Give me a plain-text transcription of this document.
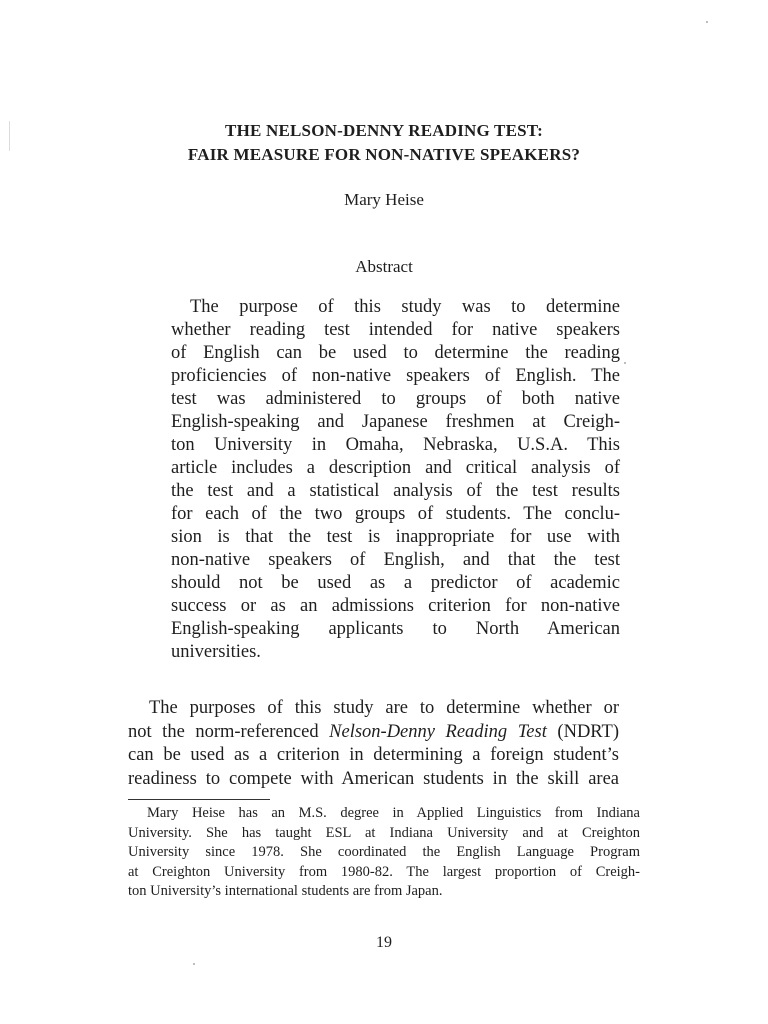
THE NELSON-DENNY READING TEST:
FAIR MEASURE FOR NON-NATIVE SPEAKERS?
Mary Heise
Abstract
The purpose of this study was to determine
whether reading test intended for native speakers
of English can be used to determine the reading
proficiencies of non-native speakers of English. The
test was administered to groups of both native
English-speaking and Japanese freshmen at Creigh-
ton University in Omaha, Nebraska, U.S.A. This
article includes a description and critical analysis of
the test and a statistical analysis of the test results
for each of the two groups of students. The conclu-
sion is that the test is inappropriate for use with
non-native speakers of English, and that the test
should not be used as a predictor of academic
success or as an admissions criterion for non-native
English-speaking applicants to North American
universities.
The purposes of this study are to determine whether or
not the norm-referenced Nelson-Denny Reading Test (NDRT)
can be used as a criterion in determining a foreign student’s
readiness to compete with American students in the skill area
Mary Heise has an M.S. degree in Applied Linguistics from Indiana
University. She has taught ESL at Indiana University and at Creighton
University since 1978. She coordinated the English Language Program
at Creighton University from 1980-82. The largest proportion of Creigh-
ton University’s international students are from Japan.
19
